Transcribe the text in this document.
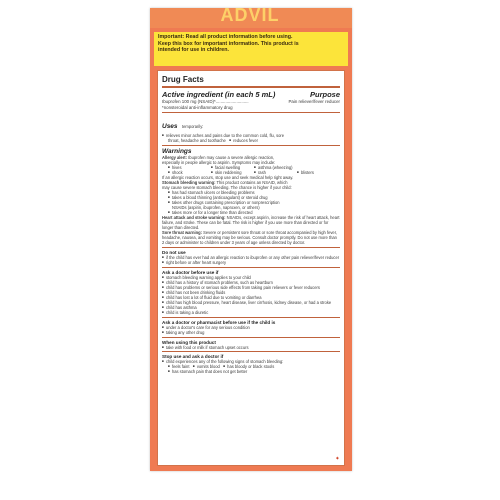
ADVIL
Important: Read all product information before using.
Keep this box for important information. This product is
intended for use in children.
Drug Facts
Active ingredient (in each 5 mL)	Purpose
Ibuprofen 100 mg (NSAID)*...........................	Pain reliever/fever reducer
*nonsteroidal anti-inflammatory drug
Uses temporarily:
■ relieves minor aches and pains due to the common cold, flu, sore
throat, headache and toothache ■ reduces fever
Warnings
Allergy alert: Ibuprofen may cause a severe allergic reaction,
especially in people allergic to aspirin. Symptoms may include:
■ hives	■ facial swelling	■ asthma (wheezing)
■ shock	■ skin reddening	■ rash	■ blisters
If an allergic reaction occurs, stop use and seek medical help right away.
Stomach bleeding warning: This product contains an NSAID, which
may cause severe stomach bleeding. The chance is higher if your child:
■ has had stomach ulcers or bleeding problems
■ takes a blood thinning (anticoagulant) or steroid drug
■ takes other drugs containing prescription or nonprescription
NSAIDs (aspirin, ibuprofen, naproxen, or others)
■ takes more or for a longer time than directed
Heart attack and stroke warning: NSAIDs, except aspirin, increase the risk of heart attack, heart failure, and stroke. These can be fatal. The risk is higher if you use more than directed or for longer than directed.
Sore throat warning: Severe or persistent sore throat or sore throat accompanied by high fever, headache, nausea, and vomiting may be serious. Consult doctor promptly. Do not use more than 2 days or administer to children under 3 years of age unless directed by doctor.
Do not use
■ if the child has ever had an allergic reaction to ibuprofen or any other pain reliever/fever reducer
■ right before or after heart surgery
Ask a doctor before use if
■ stomach bleeding warning applies to your child
■ child has a history of stomach problems, such as heartburn
■ child has problems or serious side effects from taking pain relievers or fever reducers
■ child has not been drinking fluids
■ child has lost a lot of fluid due to vomiting or diarrhea
■ child has high blood pressure, heart disease, liver cirrhosis, kidney disease, or had a stroke
■ child has asthma
■ child is taking a diuretic
Ask a doctor or pharmacist before use if the child is
■ under a doctor's care for any serious condition
■ taking any other drug
When using this product
■ take with food or milk if stomach upset occurs
Stop use and ask a doctor if
■ child experiences any of the following signs of stomach bleeding:
■ feels faint ■ vomits blood ■ has bloody or black stools
■ has stomach pain that does not get better
➧
